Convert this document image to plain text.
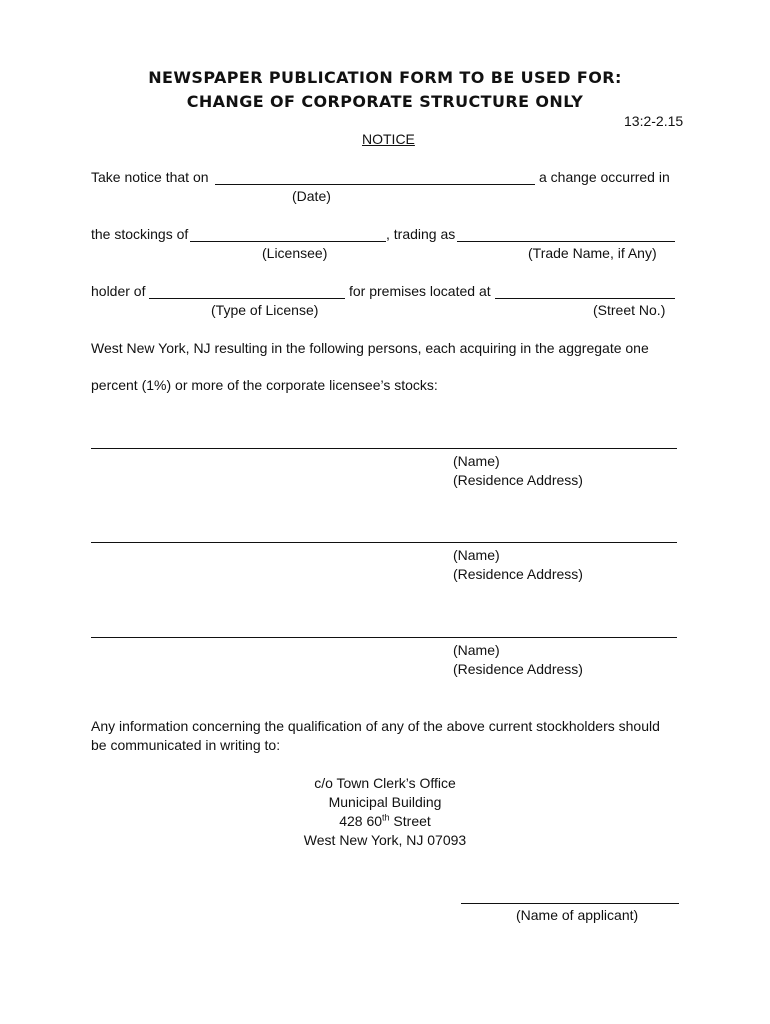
NEWSPAPER PUBLICATION FORM TO BE USED FOR:
CHANGE OF CORPORATE STRUCTURE ONLY
13:2-2.15
NOTICE
Take notice that on	a change occurred in
(Date)
the stockings of	, trading as
(Licensee)	(Trade Name, if Any)
holder of	for premises located at
(Type of License)	(Street No.)
West New York, NJ resulting in the following persons, each acquiring in the aggregate one
percent (1%) or more of the corporate licensee’s stocks:
(Name)
(Residence Address)
(Name)
(Residence Address)
(Name)
(Residence Address)
Any information concerning the qualification of any of the above current stockholders should
be communicated in writing to:
c/o Town Clerk’s Office
Municipal Building
428 60th Street
West New York, NJ 07093
(Name of applicant)
